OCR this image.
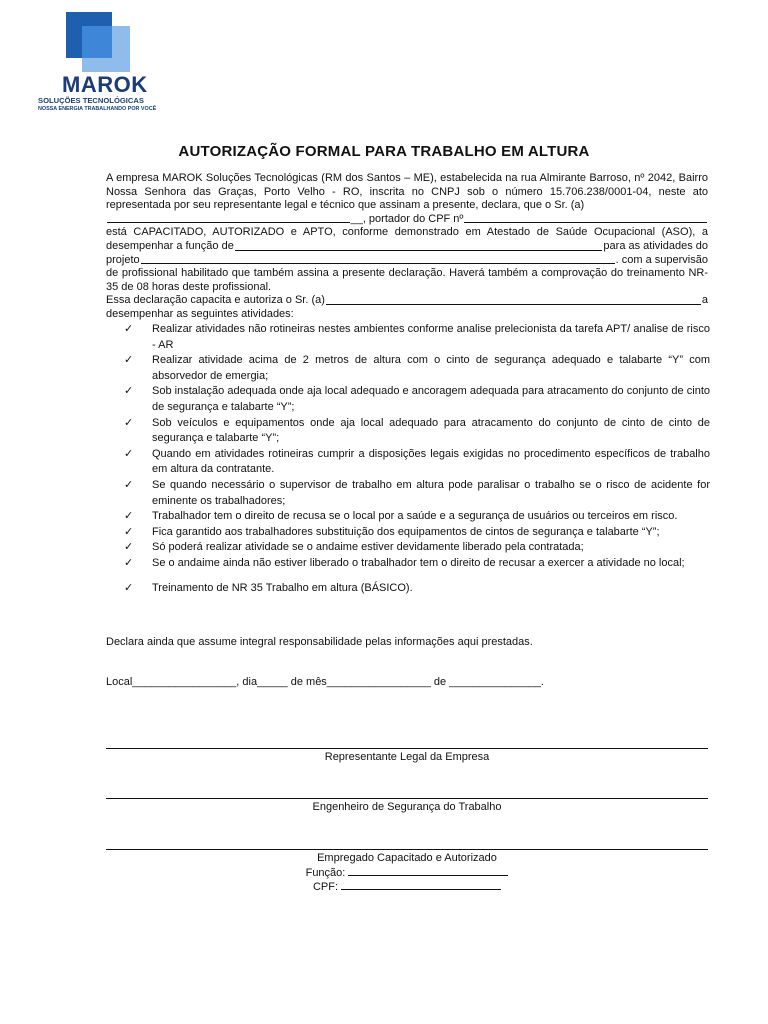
MAROK
SOLUÇÕES TECNOLÓGICAS
NOSSA ENERGIA TRABALHANDO POR VOCÊ
AUTORIZAÇÃO FORMAL PARA TRABALHO EM ALTURA

A empresa MAROK Soluções Tecnológicas (RM dos Santos – ME), estabelecida na rua Almirante Barroso, nº 2042, Bairro Nossa Senhora das Graças, Porto Velho - RO, inscrita no CNPJ sob o número 15.706.238/0001-04, neste ato representada por seu representante legal e técnico que assinam a presente, declara, que o Sr. (a)

__, portador do CPF nº
está CAPACITADO, AUTORIZADO e APTO, conforme demonstrado em Atestado de Saúde Ocupacional (ASO), a
desempenhar a função de	para as atividades do
projeto	. com a supervisão

de profissional habilitado que também assina a presente declaração. Haverá também a comprovação do treinamento NR-35 de 08 horas deste profissional.

Essa declaração capacita e autoriza o Sr. (a)	a
desempenhar as seguintes atividades:
✓ Realizar atividades não rotineiras nestes ambientes conforme analise prelecionista da tarefa APT/ analise de risco - AR
✓ Realizar atividade acima de 2 metros de altura com o cinto de segurança adequado e talabarte “Y” com absorvedor de emergia;
✓ Sob instalação adequada onde aja local adequado e ancoragem adequada para atracamento do conjunto de cinto de segurança e talabarte “Y”;
✓ Sob veículos e equipamentos onde aja local adequado para atracamento do conjunto de cinto de cinto de segurança e talabarte “Y”;
✓ Quando em atividades rotineiras cumprir a disposições legais exigidas no procedimento específicos de trabalho em altura da contratante.
✓ Se quando necessário o supervisor de trabalho em altura pode paralisar o trabalho se o risco de acidente for eminente os trabalhadores;
✓ Trabalhador tem o direito de recusa se o local por a saúde e a segurança de usuários ou terceiros em risco.
✓ Fica garantido aos trabalhadores substituição dos equipamentos de cintos de segurança e talabarte “Y”;
✓ Só poderá realizar atividade se o andaime estiver devidamente liberado pela contratada;
✓ Se o andaime ainda não estiver liberado o trabalhador tem o direito de recusar a exercer a atividade no local;
✓ Treinamento de NR 35 Trabalho em altura (BÁSICO).
Declara ainda que assume integral responsabilidade pelas informações aqui prestadas.
Local_________________, dia_____ de mês_________________ de _______________.
Representante Legal da Empresa
Engenheiro de Segurança do Trabalho
Empregado Capacitado e Autorizado
Função:
CPF:
